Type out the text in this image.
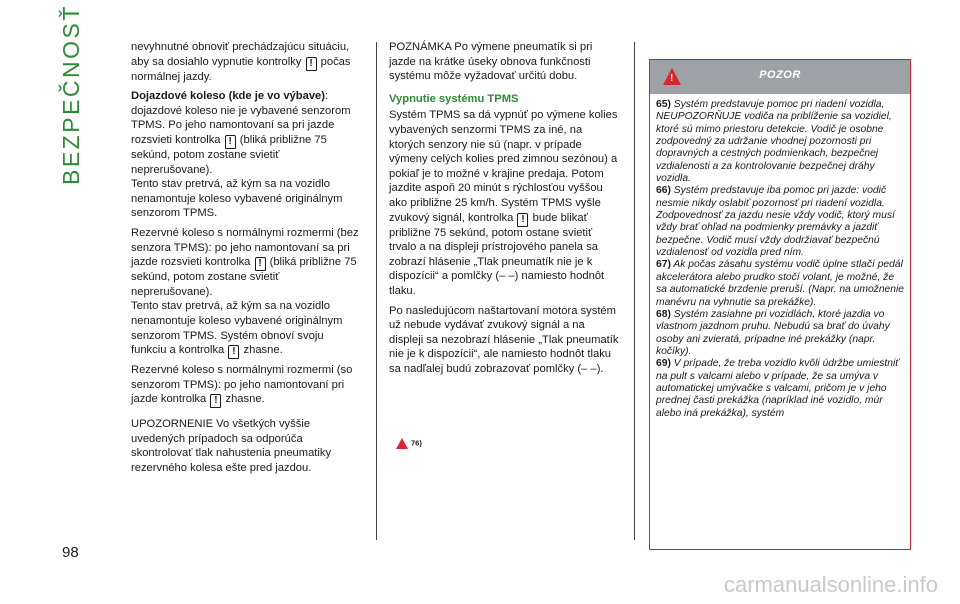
BEZPEČNOSŤ
98

nevyhnutné obnoviť prechádzajúcu situáciu, aby sa dosiahlo vypnutie kontrolky ! počas normálnej jazdy.

Dojazdové koleso (kde je vo výbave): dojazdové koleso nie je vybavené senzorom TPMS. Po jeho namontovaní sa pri jazde rozsvieti kontrolka ! (bliká približne 75 sekúnd, potom zostane svietiť neprerušovane).

Tento stav pretrvá, až kým sa na vozidlo nenamontuje koleso vybavené originálnym senzorom TPMS.

Rezervné koleso s normálnymi rozmermi (bez senzora TPMS): po jeho namontovaní sa pri jazde rozsvieti kontrolka ! (bliká približne 75 sekúnd, potom zostane svietiť neprerušovane).

Tento stav pretrvá, až kým sa na vozidlo nenamontuje koleso vybavené originálnym senzorom TPMS. Systém obnoví svoju funkciu a kontrolka ! zhasne.

Rezervné koleso s normálnymi rozmermi (so senzorom TPMS): po jeho namontovaní pri jazde kontrolka ! zhasne.

UPOZORNENIE Vo všetkých vyššie uvedených prípadoch sa odporúča skontrolovať tlak nahustenia pneumatiky rezervného kolesa ešte pred jazdou.

POZNÁMKA Po výmene pneumatík si pri jazde na krátke úseky obnova funkčnosti systému môže vyžadovať určitú dobu.

Vypnutie systému TPMS

Systém TPMS sa dá vypnúť po výmene kolies vybavených senzormi TPMS za iné, na ktorých senzory nie sú (napr. v prípade výmeny celých kolies pred zimnou sezónou) a pokiaľ je to možné v krajine predaja. Potom jazdite aspoň 20 minút s rýchlosťou vyššou ako približne 25 km/h. Systém TPMS vyšle zvukový signál, kontrolka ! bude blikať približne 75 sekúnd, potom ostane svietiť trvalo a na displeji prístrojového panela sa zobrazí hlásenie „Tlak pneumatík nie je k dispozícii“ a pomlčky (– –) namiesto hodnôt tlaku.

Po nasledujúcom naštartovaní motora systém už nebude vydávať zvukový signál a na displeji sa nezobrazí hlásenie „Tlak pneumatík nie je k dispozícii“, ale namiesto hodnôt tlaku sa nadľalej budú zobrazovať pomlčky (– –).

76)
!	POZOR

65) Systém predstavuje pomoc pri riadení vozidla, NEUPOZORŇUJE vodiča na priblíženie sa vozidiel, ktoré sú mimo priestoru detekcie. Vodič je osobne zodpovedný za udržanie vhodnej pozornosti pri dopravných a cestných podmienkach, bezpečnej vzdialenosti a za kontrolovanie bezpečnej dráhy vozidla.

66) Systém predstavuje iba pomoc pri jazde: vodič nesmie nikdy oslabiť pozornosť pri riadení vozidla. Zodpovednosť za jazdu nesie vždy vodič, ktorý musí vždy brať ohľad na podmienky premávky a jazdiť bezpečne. Vodič musí vždy dodržiavať bezpečnú vzdialenosť od vozidla pred ním.

67) Ak počas zásahu systému vodič úplne stlačí pedál akcelerátora alebo prudko stočí volant, je možné, že sa automatické brzdenie preruší. (Napr. na umožnenie manévru na vyhnutie sa prekážke).

68) Systém zasiahne pri vozidlách, ktoré jazdia vo vlastnom jazdnom pruhu. Nebudú sa brať do úvahy osoby ani zvieratá, prípadne iné prekážky (napr. kočíky).

69) V prípade, že treba vozidlo kvôli údržbe umiestniť na pult s valcami alebo v prípade, že sa umýva v automatickej umývačke s valcami, pričom je v jeho prednej časti prekážka (napríklad iné vozidlo, múr alebo iná prekážka), systém

carmanualsonline.info
